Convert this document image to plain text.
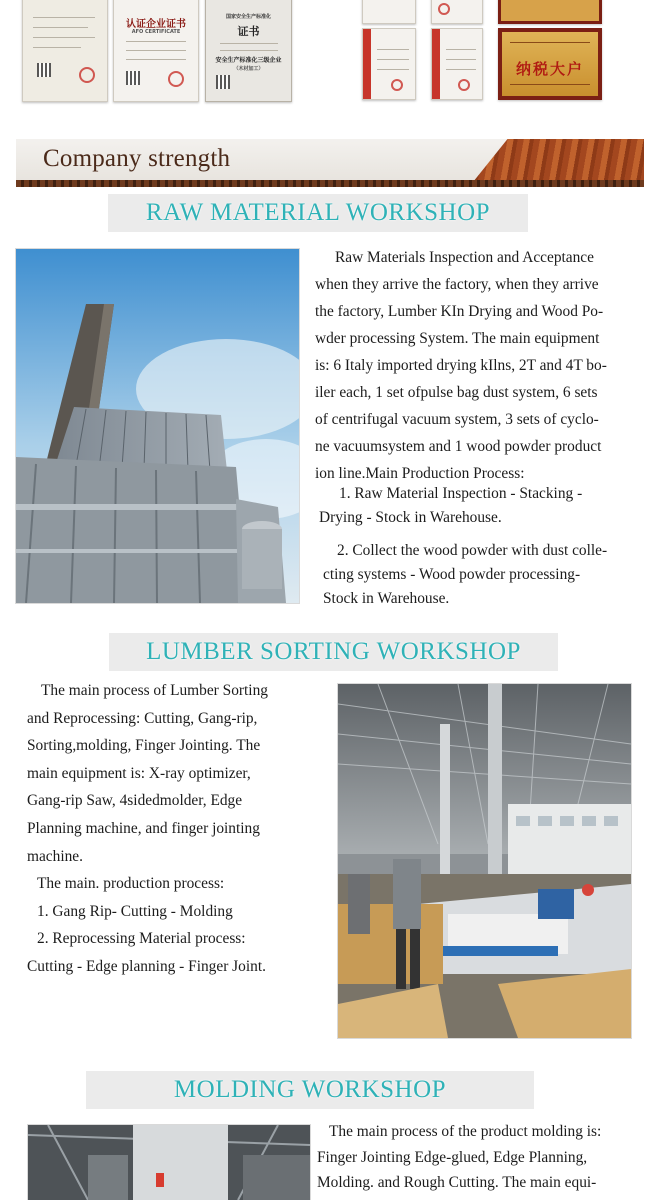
认证企业证书
AFO CERTIFICATE
国家安全生产标准化
证书
安全生产标准化三级企业
（木材加工）	纳税大户
Company strength
RAW MATERIAL WORKSHOP

Raw Materials Inspection and Acceptance

when they arrive the factory, when they arrive

the factory, Lumber KIn Drying and Wood Po-

wder processing System. The main equipment

is: 6 Italy imported drying kIlns, 2T and 4T bo-

iler each, 1 set ofpulse bag dust system, 6 sets

of centrifugal vacuum system, 3 sets of cyclo-

ne vacuumsystem and 1 wood powder product

ion line.Main Production Process:

1. Raw Material Inspection - Stacking -

Drying - Stock in Warehouse.

2. Collect the wood powder with dust colle-

cting systems - Wood powder processing-

Stock in Warehouse.

LUMBER SORTING WORKSHOP

The main process of Lumber Sorting

and Reprocessing: Cutting, Gang-rip,

Sorting,molding, Finger Jointing. The

main equipment is: X-ray optimizer,

Gang-rip Saw, 4sidedmolder, Edge

Planning machine, and finger jointing

machine.

The main. production process:

1. Gang Rip- Cutting - Molding

2. Reprocessing Material process:

Cutting - Edge planning - Finger Joint.

MOLDING WORKSHOP

The main process of the product molding is:

Finger Jointing Edge-glued, Edge Planning,

Molding. and Rough Cutting. The main equi-
